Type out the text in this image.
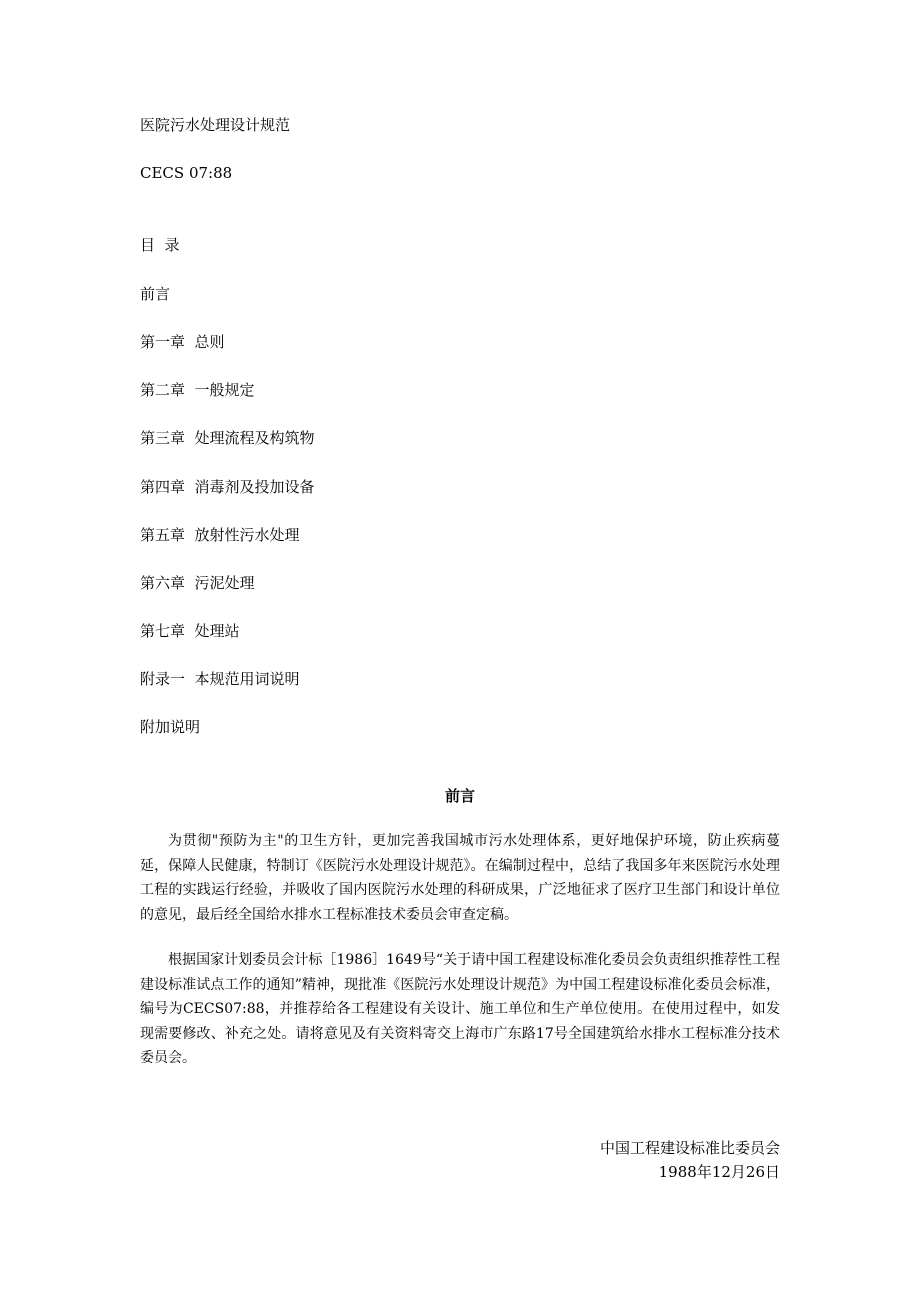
医院污水处理设计规范
CECS 07:88
目  录
前言
第一章  总则
第二章  一般规定
第三章  处理流程及构筑物
第四章  消毒剂及投加设备
第五章  放射性污水处理
第六章  污泥处理
第七章  处理站
附录一  本规范用词说明
附加说明
前言

为贯彻"预防为主"的卫生方针，更加完善我国城市污水处理体系，更好地保护环境，防止疾病蔓延，保障人民健康，特制订《医院污水处理设计规范》。在编制过程中，总结了我国多年来医院污水处理工程的实践运行经验，并吸收了国内医院污水处理的科研成果，广泛地征求了医疗卫生部门和设计单位的意见，最后经全国给水排水工程标准技术委员会审查定稿。

根据国家计划委员会计标［1986］1649号“关于请中国工程建设标准化委员会负责组织推荐性工程建设标准试点工作的通知”精神，现批准《医院污水处理设计规范》为中国工程建设标准化委员会标准，编号为CECS07:88，并推荐给各工程建设有关设计、施工单位和生产单位使用。在使用过程中，如发现需要修改、补充之处。请将意见及有关资料寄交上海市广东路17号全国建筑给水排水工程标准分技术委员会。

中国工程建设标准比委员会
1988年12月26日
